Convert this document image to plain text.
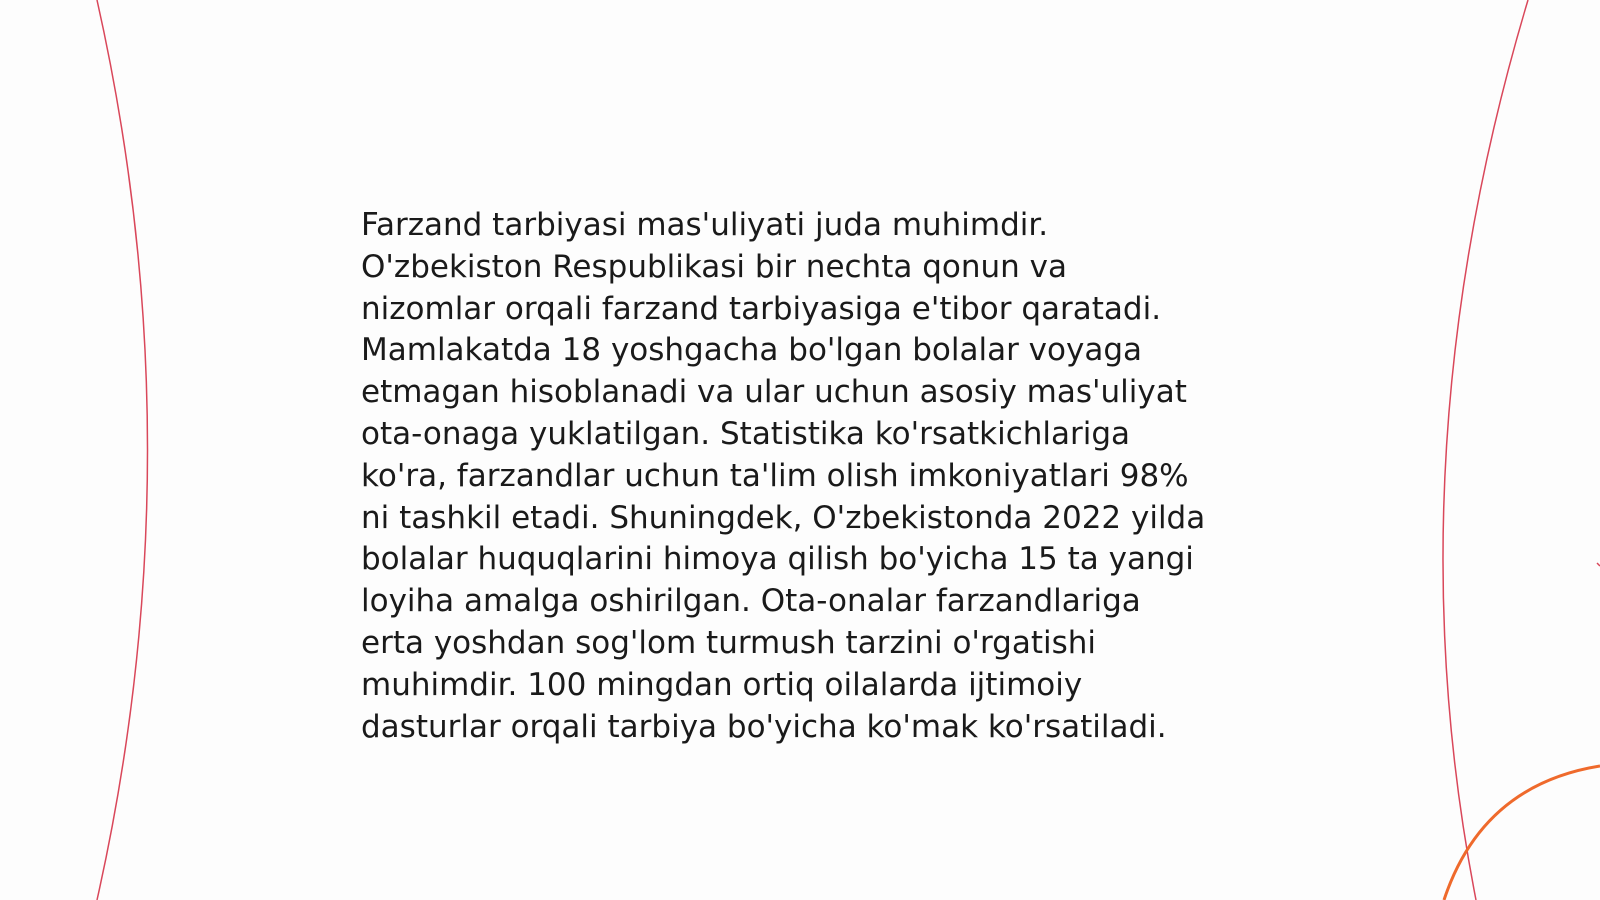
Farzand tarbiyasi mas'uliyati juda muhimdir.
O'zbekiston Respublikasi bir nechta qonun va
nizomlar orqali farzand tarbiyasiga e'tibor qaratadi.
Mamlakatda 18 yoshgacha bo'lgan bolalar voyaga
etmagan hisoblanadi va ular uchun asosiy mas'uliyat
ota-onaga yuklatilgan. Statistika ko'rsatkichlariga
ko'ra, farzandlar uchun ta'lim olish imkoniyatlari 98%
ni tashkil etadi. Shuningdek, O'zbekistonda 2022 yilda
bolalar huquqlarini himoya qilish bo'yicha 15 ta yangi
loyiha amalga oshirilgan. Ota-onalar farzandlariga
erta yoshdan sog'lom turmush tarzini o'rgatishi
muhimdir. 100 mingdan ortiq oilalarda ijtimoiy
dasturlar orqali tarbiya bo'yicha ko'mak ko'rsatiladi.
